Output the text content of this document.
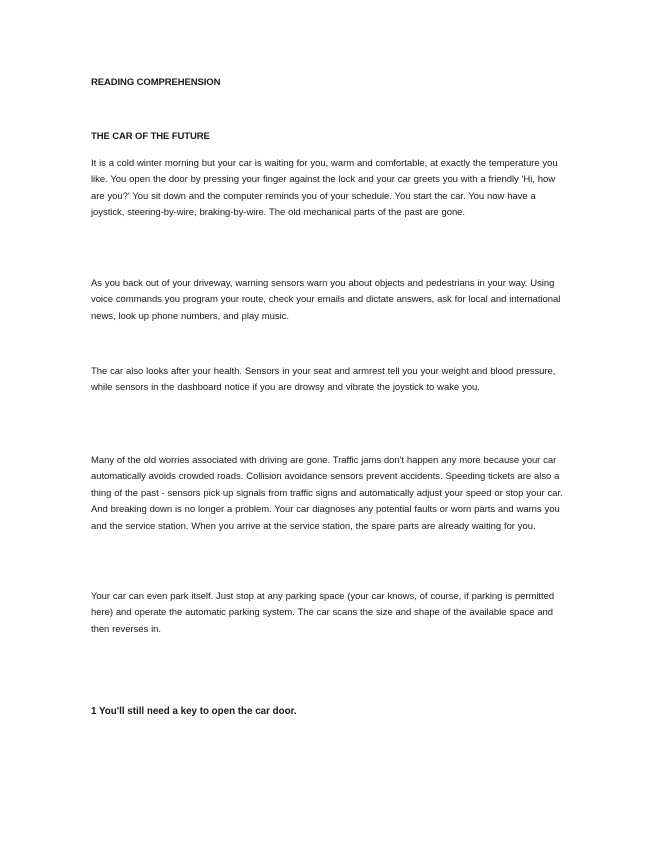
READING COMPREHENSION

THE CAR OF THE FUTURE

It is a cold winter morning but your car is waiting for you, warm and comfortable, at exactly the temperature you like. You open the door by pressing your finger against the lock and your car greets you with a friendly 'Hi, how are you?' You sit down and the computer reminds you of your schedule. You start the car. You now have a joystick, steering-by-wire, braking-by-wire. The old mechanical parts of the past are gone.

As you back out of your driveway, warning sensors warn you about objects and pedestrians in your way. Using voice commands you program your route, check your emails and dictate answers, ask for local and international news, look up phone numbers, and play music.

The car also looks after your health. Sensors in your seat and armrest tell you your weight and blood pressure, while sensors in the dashboard notice if you are drowsy and vibrate the joystick to wake you.

Many of the old worries associated with driving are gone. Traffic jams don't happen any more because your car automatically avoids crowded roads. Collision avoidance sensors prevent accidents. Speeding tickets are also a thing of the past - sensors pick up signals from traffic signs and automatically adjust your speed or stop your car. And breaking down is no longer a problem. Your car diagnoses any potential faults or worn parts and warns you and the service station. When you arrive at the service station, the spare parts are already waiting for you.

Your car can even park itself. Just stop at any parking space (your car knows, of course, if parking is permitted here) and operate the automatic parking system. The car scans the size and shape of the available space and then reverses in.

1 You'll still need a key to open the car door.
